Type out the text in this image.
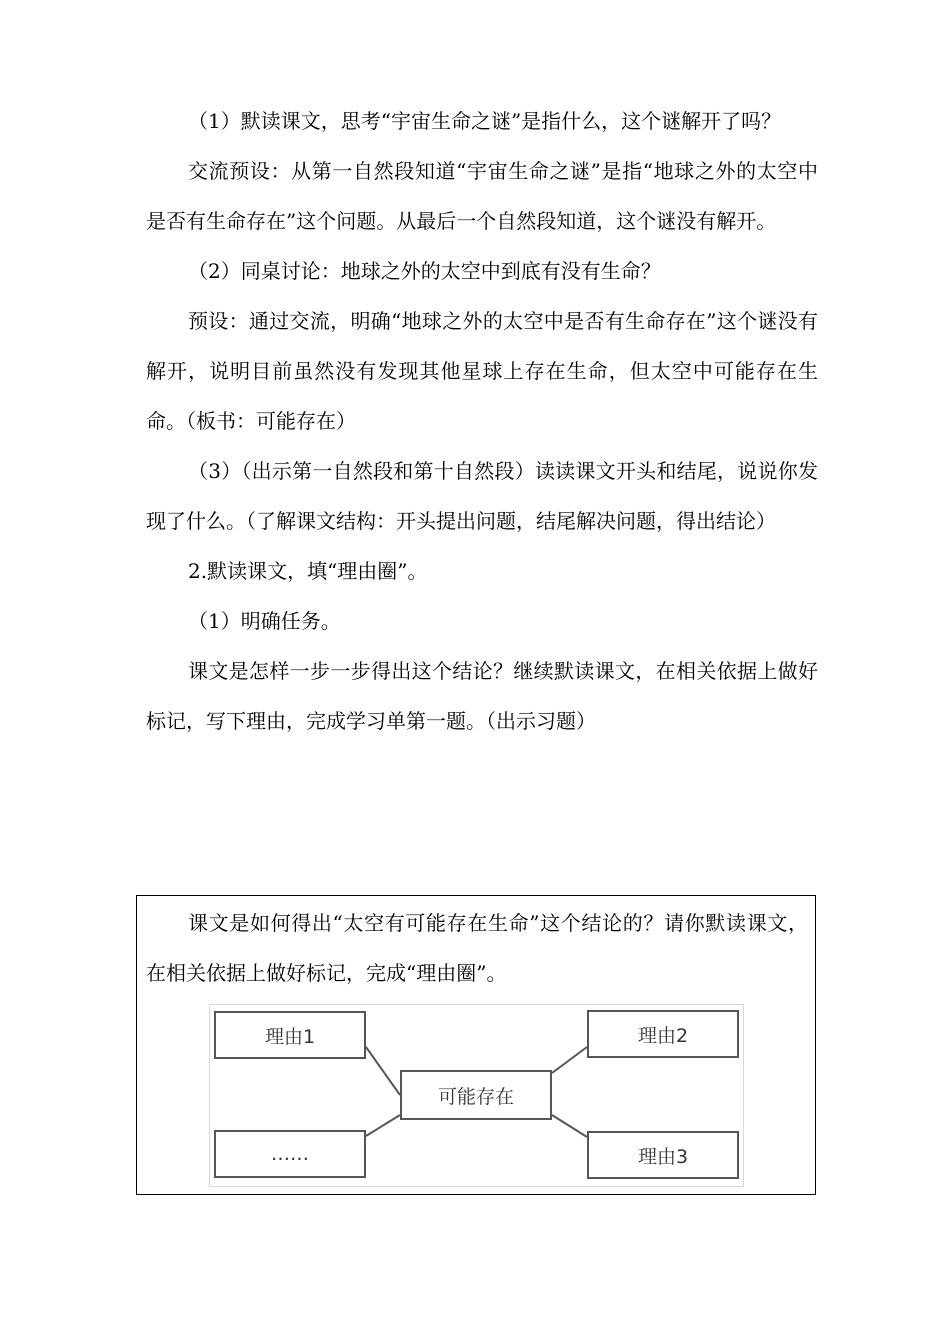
（1）默读课文，思考“宇宙生命之谜”是指什么，这个谜解开了吗？

交流预设：从第一自然段知道“宇宙生命之谜”是指“地球之外的太空中是否有生命存在”这个问题。从最后一个自然段知道，这个谜没有解开。

（2）同桌讨论：地球之外的太空中到底有没有生命？

预设：通过交流，明确“地球之外的太空中是否有生命存在”这个谜没有解开，说明目前虽然没有发现其他星球上存在生命，但太空中可能存在生命。（板书：可能存在）

（3）（出示第一自然段和第十自然段）读读课文开头和结尾，说说你发现了什么。（了解课文结构：开头提出问题，结尾解决问题，得出结论）

2.默读课文，填“理由圈”。

（1）明确任务。

课文是怎样一步一步得出这个结论？继续默读课文，在相关依据上做好标记，写下理由，完成学习单第一题。（出示习题）

课文是如何得出“太空有可能存在生命”这个结论的？请你默读课文，在相关依据上做好标记，完成“理由圈”。

理由1	理由2
可能存在
……	理由3
